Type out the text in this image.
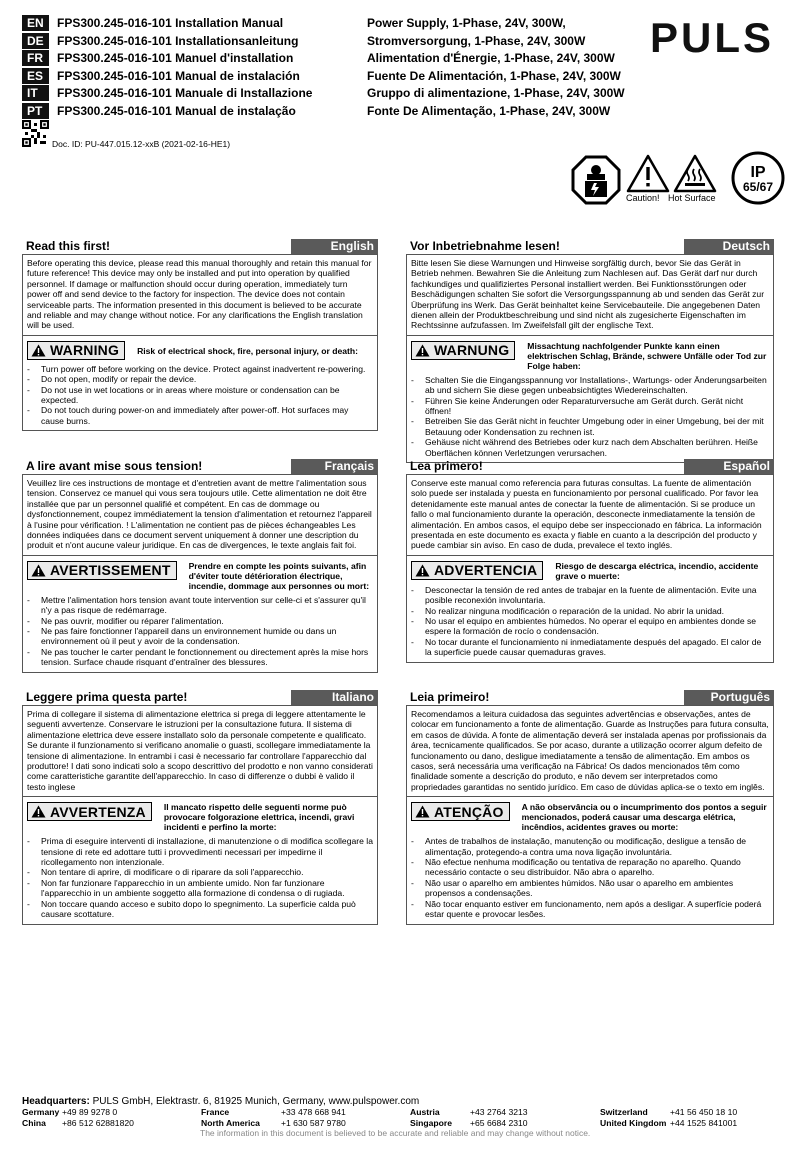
EN	FPS300.245-016-101 Installation Manual	Power Supply, 1-Phase, 24V, 300W,
DE	FPS300.245-016-101 Installationsanleitung	Stromversorgung, 1-Phase, 24V, 300W
FR	FPS300.245-016-101 Manuel d'installation	Alimentation d'Énergie, 1-Phase, 24V, 300W
ES	FPS300.245-016-101 Manual de instalación	Fuente De Alimentación, 1-Phase, 24V, 300W
IT	FPS300.245-016-101 Manuale di Installazione	Gruppo di alimentazione, 1-Phase, 24V, 300W
PT	FPS300.245-016-101 Manual de instalação	Fonte De Alimentação, 1-Phase, 24V, 300W
PULS
Doc. ID: PU-447.015.12-xxB (2021-02-16-HE1)
Caution! Hot Surface
IP
65/67
Read this first!	English
Before operating this device, please read this manual thoroughly and retain this manual for future reference! This device may only be installed and put into operation by qualified personnel. If damage or malfunction should occur during operation, immediately turn power off and send device to the factory for inspection. The device does not contain serviceable parts. The information presented in this document is believed to be accurate and reliable and may change without notice. For any clarifications the English translation will be used.
WARNING Risk of electrical shock, fire, personal injury, or death:
- Turn power off before working on the device. Protect against inadvertent re-powering.
- Do not open, modify or repair the device.
- Do not use in wet locations or in areas where moisture or condensation can be expected.
- Do not touch during power-on and immediately after power-off. Hot surfaces may cause burns.
Vor Inbetriebnahme lesen!	Deutsch
Bitte lesen Sie diese Warnungen und Hinweise sorgfältig durch, bevor Sie das Gerät in Betrieb nehmen. Bewahren Sie die Anleitung zum Nachlesen auf. Das Gerät darf nur durch fachkundiges und qualifiziertes Personal installiert werden. Bei Funktionsstörungen oder Beschädigungen schalten Sie sofort die Versorgungsspannung ab und senden das Gerät zur Überprüfung ins Werk. Das Gerät beinhaltet keine Servicebauteile. Die angegebenen Daten dienen allein der Produktbeschreibung und sind nicht als zugesicherte Eigenschaften im Rechtssinne aufzufassen. Im Zweifelsfall gilt der englische Text.
WARNUNG Missachtung nachfolgender Punkte kann einen elektrischen Schlag, Brände, schwere Unfälle oder Tod zur Folge haben:
- Schalten Sie die Eingangsspannung vor Installations-, Wartungs- oder Änderungsarbeiten ab und sichern Sie diese gegen unbeabsichtigtes Wiedereinschalten.
- Führen Sie keine Änderungen oder Reparaturversuche am Gerät durch. Gerät nicht öffnen!
- Betreiben Sie das Gerät nicht in feuchter Umgebung oder in einer Umgebung, bei der mit Betauung oder Kondensation zu rechnen ist.
- Gehäuse nicht während des Betriebes oder kurz nach dem Abschalten berühren. Heiße Oberflächen können Verletzungen verursachen.
A lire avant mise sous tension!	Français
Veuillez lire ces instructions de montage et d'entretien avant de mettre l'alimentation sous tension. Conservez ce manuel qui vous sera toujours utile. Cette alimentation ne doit être installée que par un personnel qualifié et compétent. En cas de dommage ou dysfonctionnement, coupez immédiatement la tension d'alimentation et retournez l'appareil à l'usine pour vérification. ! L'alimentation ne contient pas de pièces échangeables Les données indiquées dans ce document servent uniquement à donner une description du produit et n'ont aucune valeur juridique. En cas de divergences, le texte anglais fait foi.
AVERTISSEMENT Prendre en compte les points suivants, afin d'éviter toute détérioration électrique, incendie, dommage aux personnes ou mort:
- Mettre l'alimentation hors tension avant toute intervention sur celle-ci et s'assurer qu'il n'y a pas risque de redémarrage.
- Ne pas ouvrir, modifier ou réparer l'alimentation.
- Ne pas faire fonctionner l'appareil dans un environnement humide ou dans un environnement où il peut y avoir de la condensation.
- Ne pas toucher le carter pendant le fonctionnement ou directement après la mise hors tension. Surface chaude risquant d'entraîner des blessures.
Lea primero!	Español
Conserve este manual como referencia para futuras consultas. La fuente de alimentación solo puede ser instalada y puesta en funcionamiento por personal cualificado. Por favor lea detenidamente este manual antes de conectar la fuente de alimentación. Si se produce un fallo o mal funcionamiento durante la operación, desconecte inmediatamente la tensión de alimentación. En ambos casos, el equipo debe ser inspeccionado en fábrica. La información presentada en este documento es exacta y fiable en cuanto a la descripción del producto y puede cambiar sin aviso. En caso de duda, prevalece el texto inglés.
ADVERTENCIA Riesgo de descarga eléctrica, incendio, accidente grave o muerte:
- Desconectar la tensión de red antes de trabajar en la fuente de alimentación. Evite una posible reconexión involuntaria.
- No realizar ninguna modificación o reparación de la unidad. No abrir la unidad.
- No usar el equipo en ambientes húmedos. No operar el equipo en ambientes donde se espere la formación de rocío o condensación.
- No tocar durante el funcionamiento ni inmediatamente después del apagado. El calor de la superficie puede causar quemaduras graves.
Leggere prima questa parte!	Italiano
Prima di collegare il sistema di alimentazione elettrica si prega di leggere attentamente le seguenti avvertenze. Conservare le istruzioni per la consultazione futura. Il sistema di alimentazione elettrica deve essere installato solo da personale competente e qualificato. Se durante il funzionamento si verificano anomalie o guasti, scollegare immediatamente la tensione di alimentazione. In entrambi i casi è necessario far controllare l'apparecchio dal produttore! I dati sono indicati solo a scopo descrittivo del prodotto e non vanno considerati come caratteristiche garantite dell'apparecchio. In caso di differenze o dubbi è valido il testo inglese
AVVERTENZA Il mancato rispetto delle seguenti norme può provocare folgorazione elettrica, incendi, gravi incidenti e perfino la morte:
- Prima di eseguire interventi di installazione, di manutenzione o di modifica scollegare la tensione di rete ed adottare tutti i provvedimenti necessari per impedirne il ricollegamento non intenzionale.
- Non tentare di aprire, di modificare o di riparare da soli l'apparecchio.
- Non far funzionare l'apparecchio in un ambiente umido. Non far funzionare l'apparecchio in un ambiente soggetto alla formazione di condensa o di rugiada.
- Non toccare quando acceso e subito dopo lo spegnimento. La superficie calda può causare scottature.
Leia primeiro!	Português
Recomendamos a leitura cuidadosa das seguintes advertências e observações, antes de colocar em funcionamento a fonte de alimentação. Guarde as Instruções para futura consulta, em casos de dúvida. A fonte de alimentação deverá ser instalada apenas por profissionais da área, tecnicamente qualificados. Se por acaso, durante a utilização ocorrer algum defeito de funcionamento ou dano, desligue imediatamente a tensão de alimentação. Em ambos os casos, será necessária uma verificação na Fábrica! Os dados mencionados têm como finalidade somente a descrição do produto, e não devem ser interpretados como propriedades garantidas no sentido jurídico. Em caso de dúvidas aplica-se o texto em inglês.
ATENÇÃO A não observância ou o incumprimento dos pontos a seguir mencionados, poderá causar uma descarga elétrica, incêndios, acidentes graves ou morte:
- Antes de trabalhos de instalação, manutenção ou modificação, desligue a tensão de alimentação, protegendo-a contra uma nova ligação involuntária.
- Não efectue nenhuma modificação ou tentativa de reparação no aparelho. Quando necessário contacte o seu distribuidor. Não abra o aparelho.
- Não usar o aparelho em ambientes húmidos. Não usar o aparelho em ambientes propensos a condensações.
- Não tocar enquanto estiver em funcionamento, nem após a desligar. A superfície poderá estar quente e provocar lesões.
Headquarters: PULS GmbH, Elektrastr. 6, 81925 Munich, Germany, www.pulspower.com
Germany +49 89 9278 0	France	+33 478 668 941	Austria	+43 2764 3213	Switzerland	+41 56 450 18 10
China +86 512 62881820	North America +1 630 587 9780	Singapore +65 6684 2310	United Kingdom +44 1525 841001
The information in this document is believed to be accurate and reliable and may change without notice.
